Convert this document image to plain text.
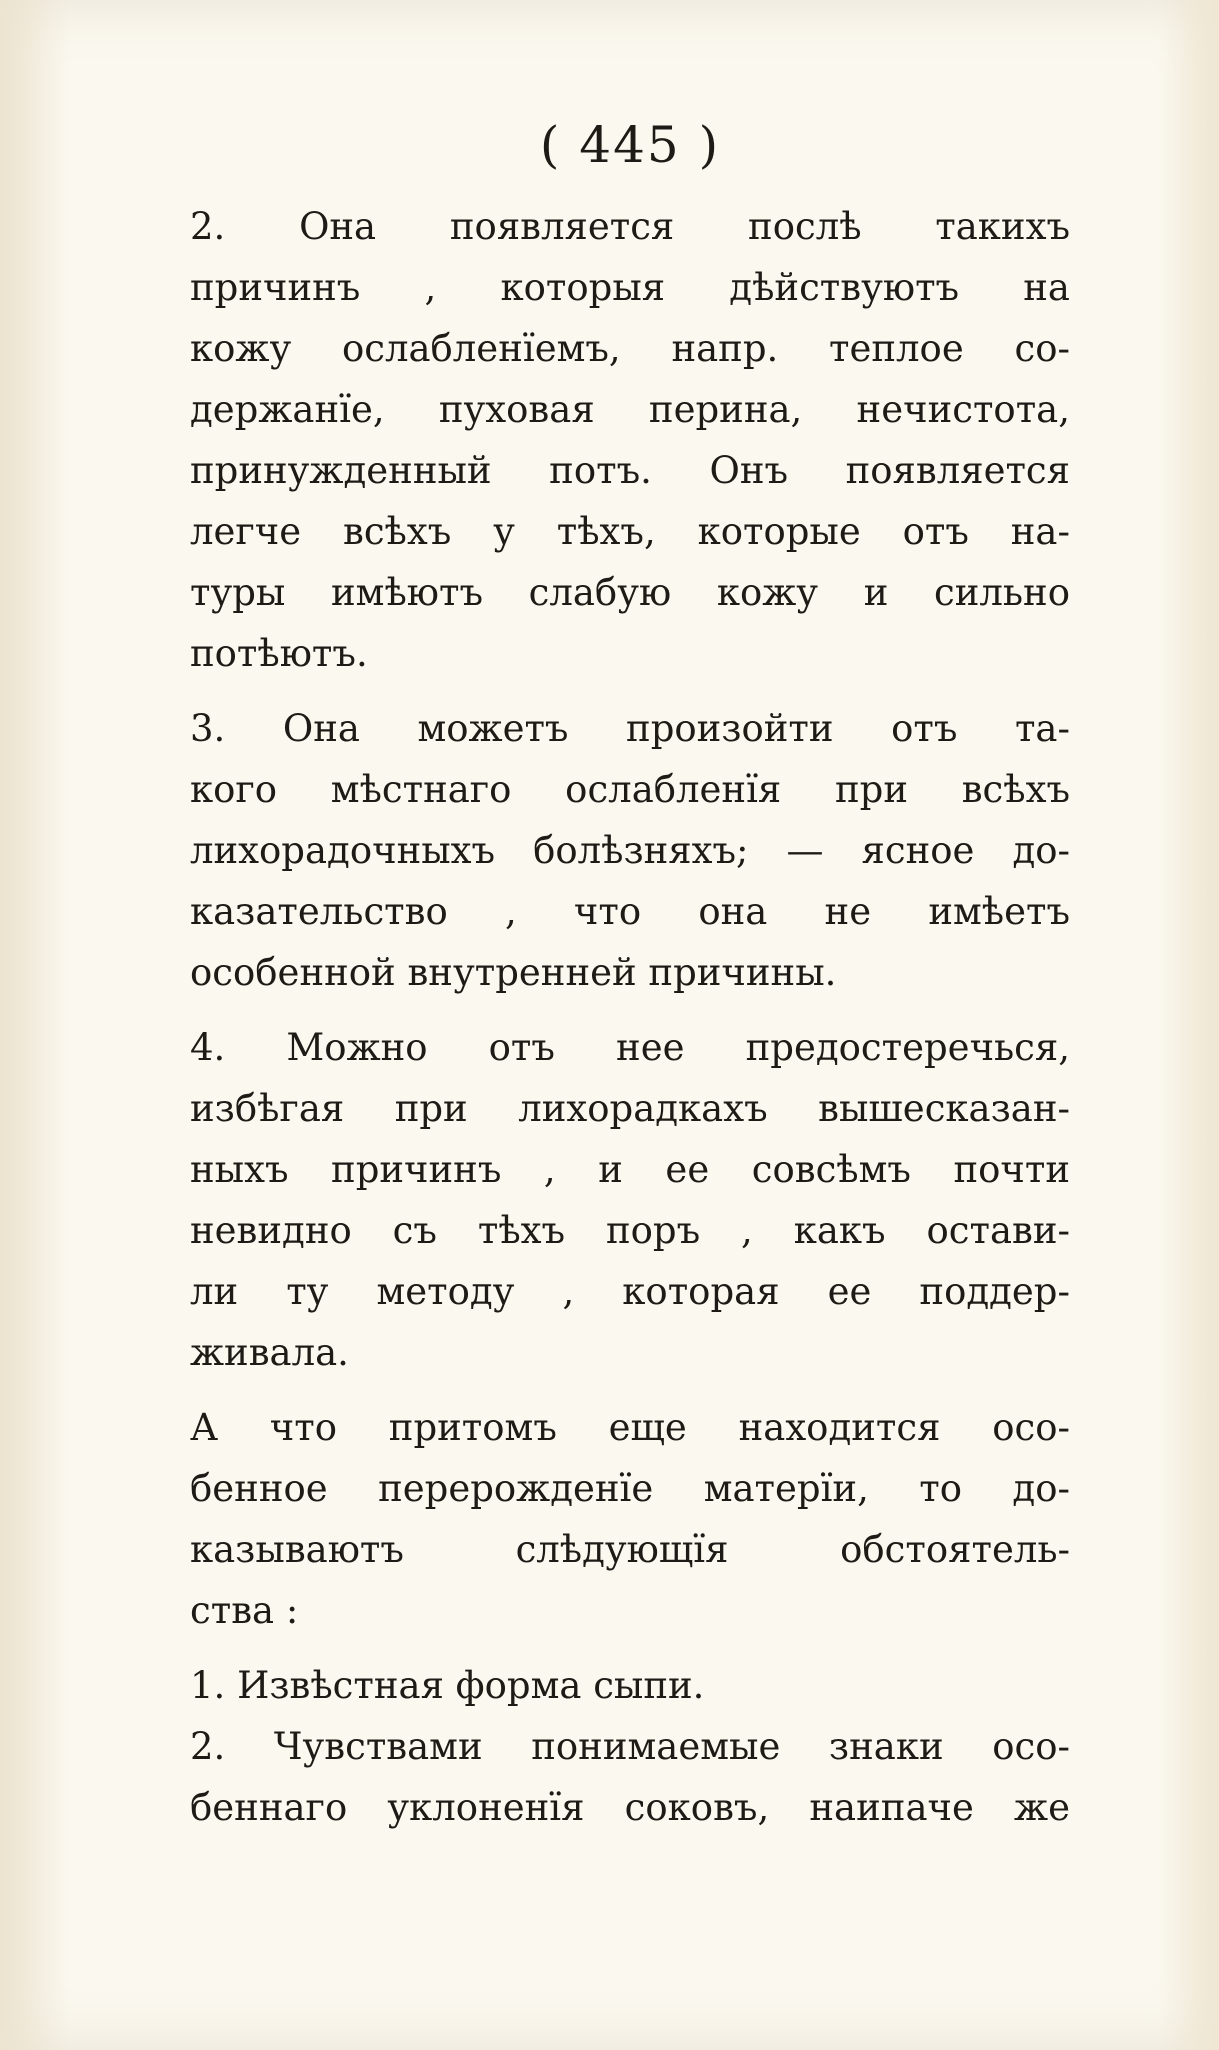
( 445 )
2. Она появляется послѣ такихъ
причинъ , которыя дѣйствуютъ на
кожу ослабленїемъ, напр. теплое со-
держанїе, пуховая перина, нечистота,
принужденный потъ. Онъ появляется
легче всѣхъ у тѣхъ, которые отъ на-
туры имѣютъ слабую кожу и сильно
потѣютъ.
3. Она можетъ произойти отъ та-
кого мѣстнаго ослабленїя при всѣхъ
лихорадочныхъ болѣзняхъ; — ясное до-
казательство , что она не имѣетъ
особенной внутренней причины.
4. Можно отъ нее предостеречься,
избѣгая при лихорадкахъ вышесказан-
ныхъ причинъ , и ее совсѣмъ почти
невидно съ тѣхъ поръ , какъ остави-
ли ту методу , которая ее поддер-
живала.
А что притомъ еще находится осо-
бенное перерожденїе матерїи, то до-
казываютъ слѣдующїя обстоятель-
ства :
1. Извѣстная форма сыпи.
2. Чувствами понимаемые знаки осо-
беннаго уклоненїя соковъ, наипаче же
